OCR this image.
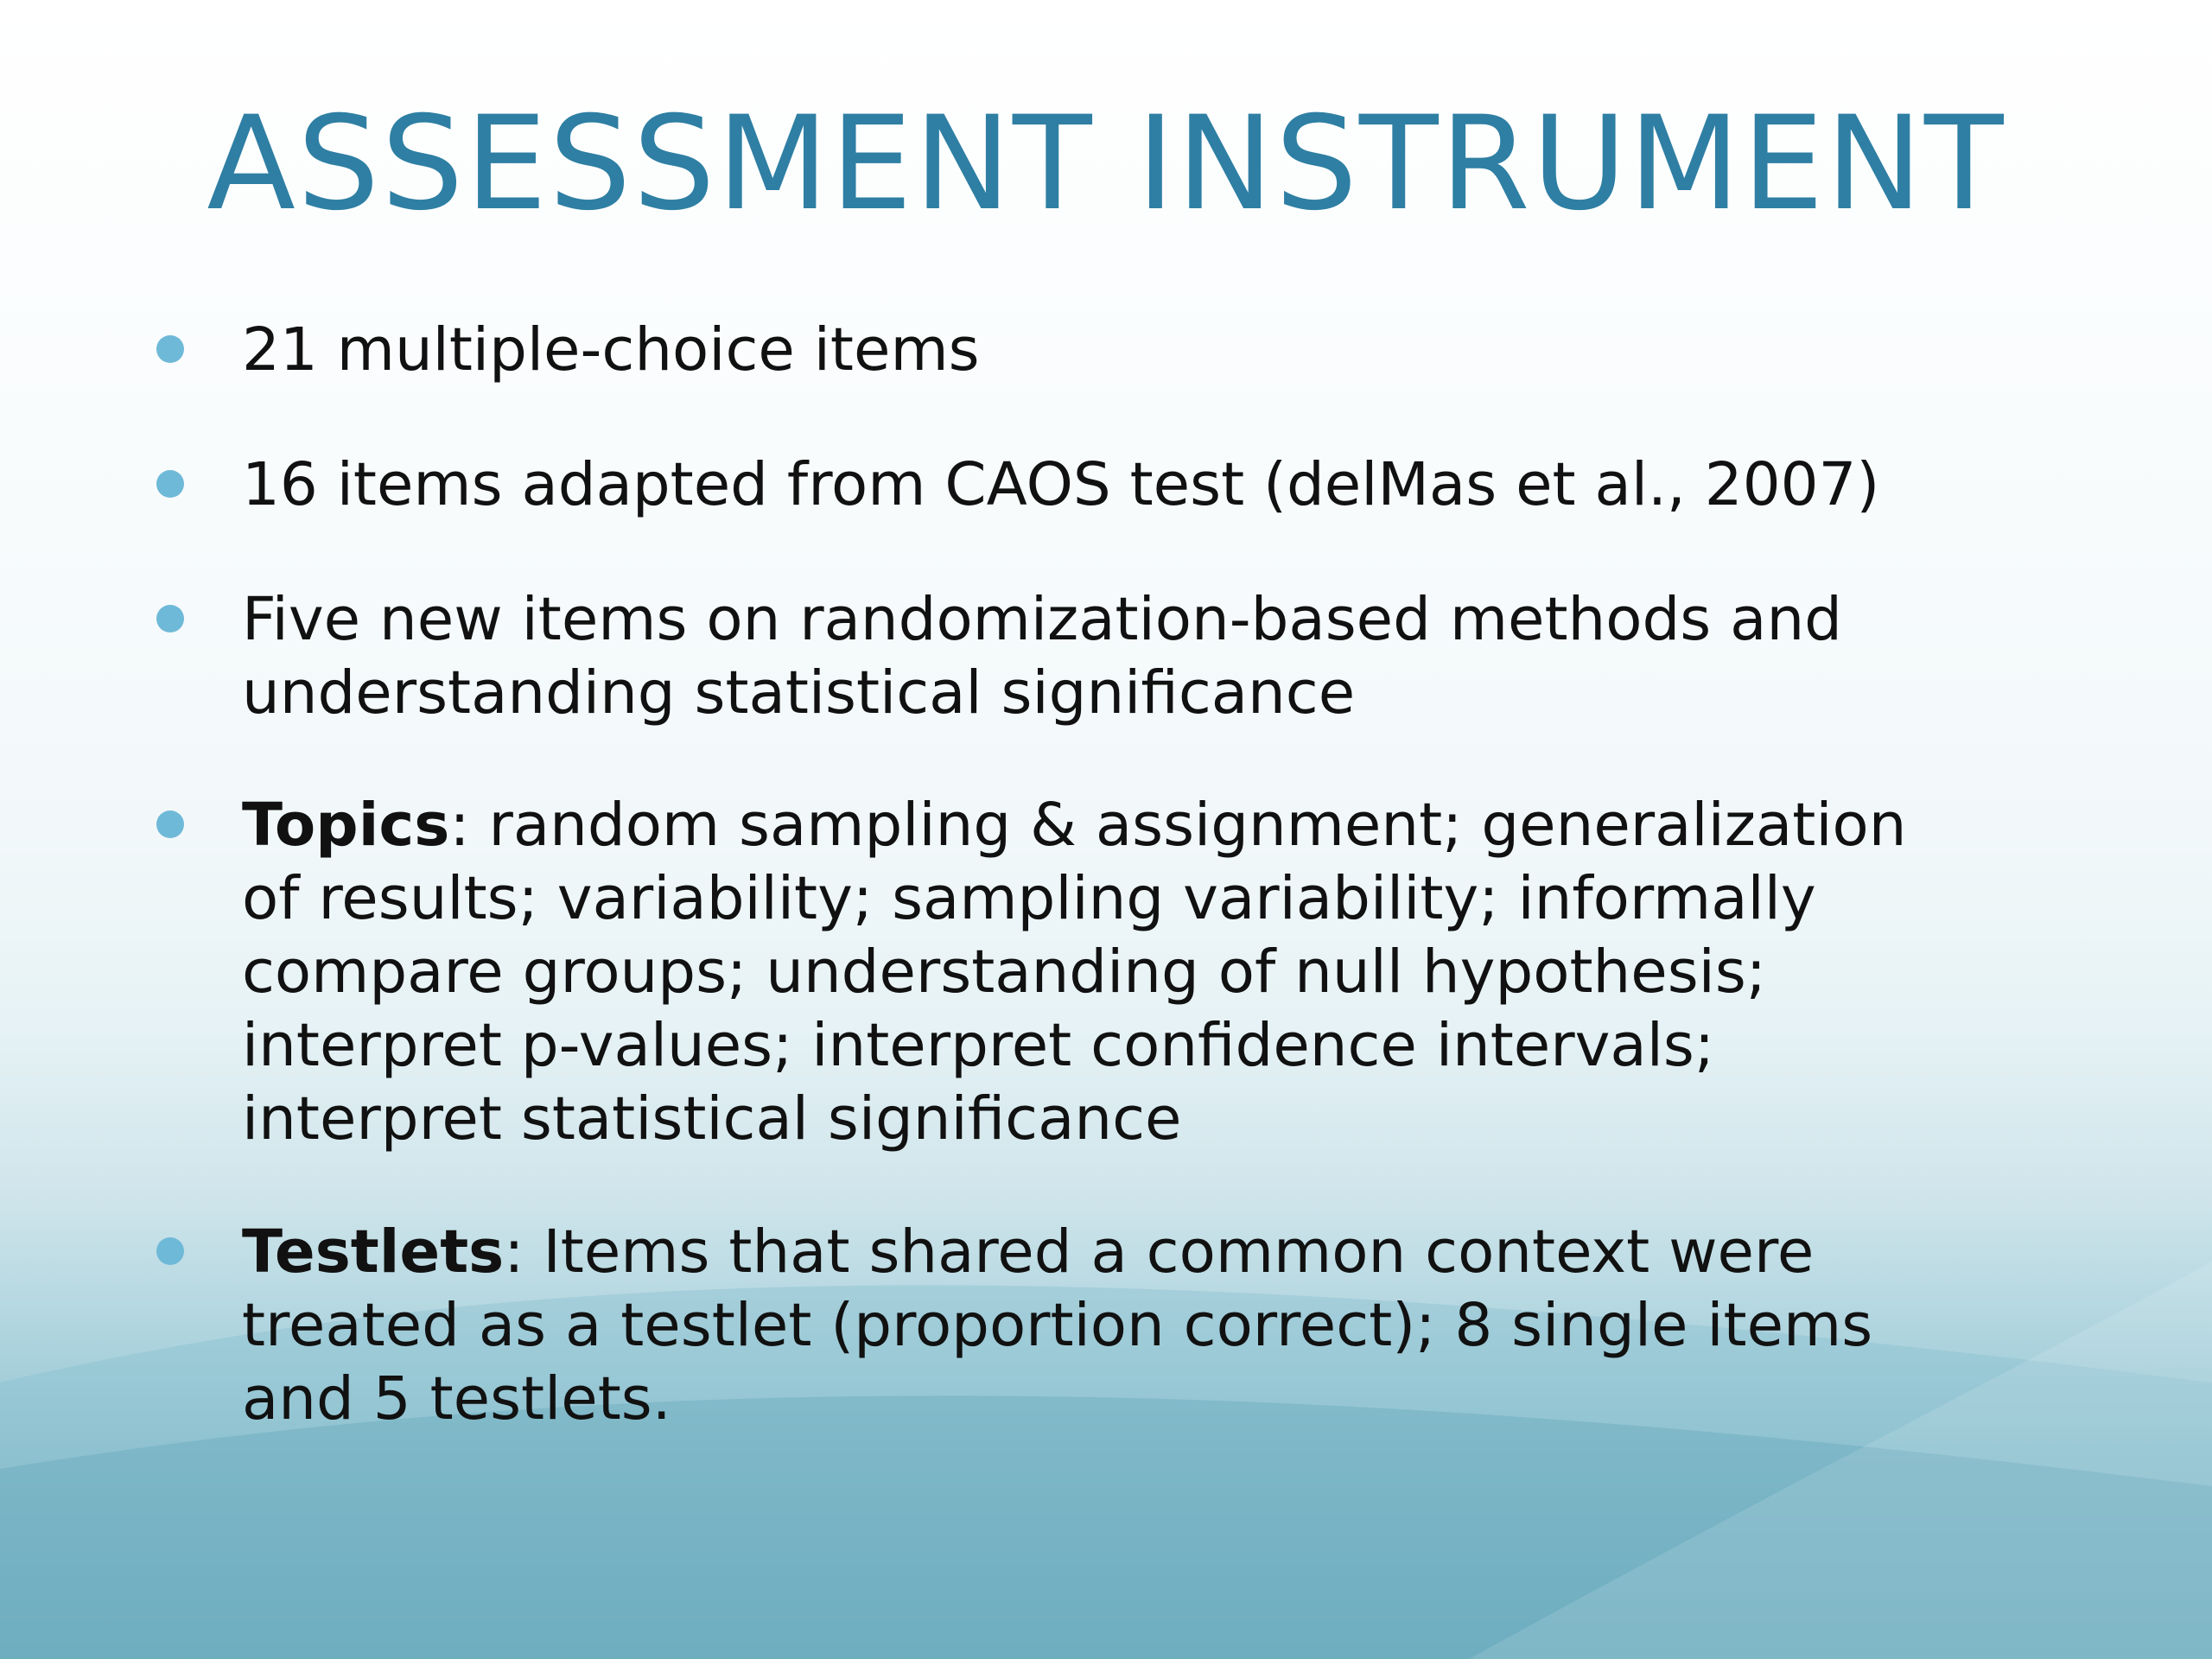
ASSESSMENT INSTRUMENT
21 multiple-choice items
16 items adapted from CAOS test (delMas et al., 2007)
Five new items on randomization-based methods and
understanding statistical significance
Topics: random sampling & assignment; generalization
of results; variability; sampling variability; informally
compare groups; understanding of null hypothesis;
interpret p-values; interpret confidence intervals;
interpret statistical significance
Testlets: Items that shared a common context were
treated as a testlet (proportion correct); 8 single items
and 5 testlets.
